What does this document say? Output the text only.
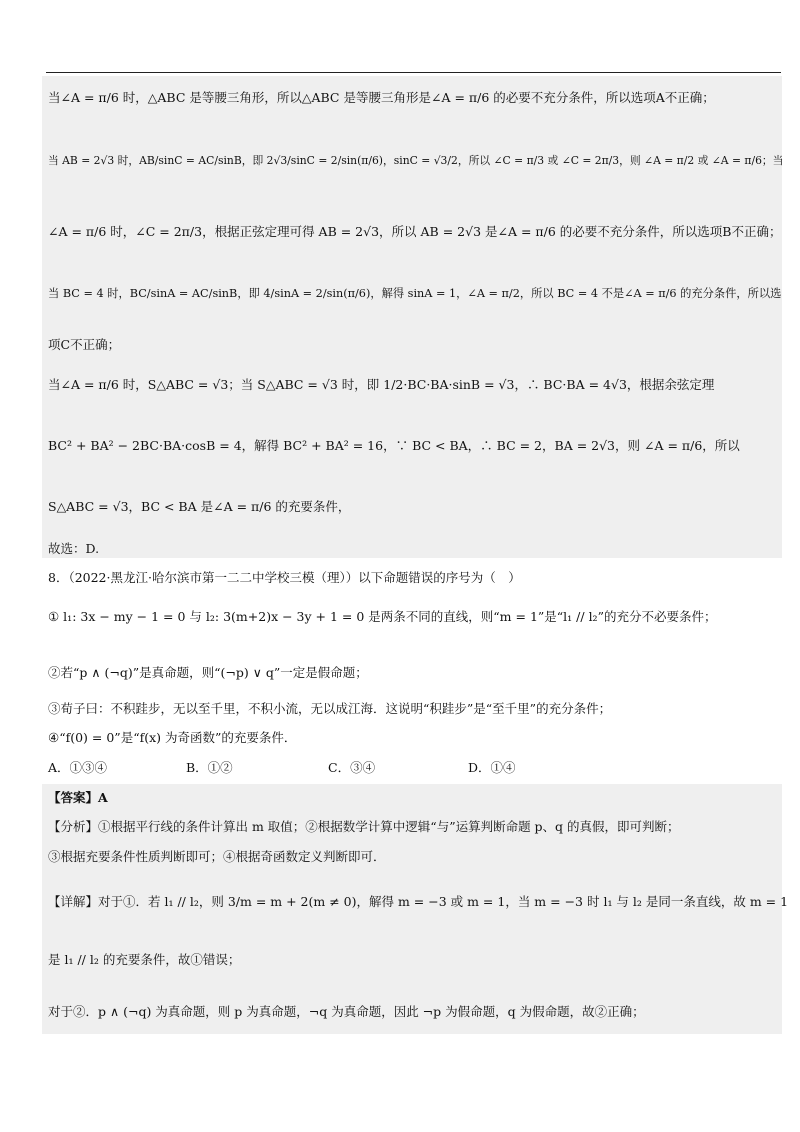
当∠A = π/6 时，△ABC 是等腰三角形，所以△ABC 是等腰三角形是∠A = π/6 的必要不充分条件，所以选项A不正确；
当 AB = 2√3 时，AB/sinC = AC/sinB，即 2√3/sinC = 2/sin(π/6)，sinC = √3/2，所以 ∠C = π/3 或 ∠C = 2π/3，则 ∠A = π/2 或 ∠A = π/6；当
∠A = π/6 时，∠C = 2π/3，根据正弦定理可得 AB = 2√3，所以 AB = 2√3 是∠A = π/6 的必要不充分条件，所以选项B不正确；
当 BC = 4 时，BC/sinA = AC/sinB，即 4/sinA = 2/sin(π/6)，解得 sinA = 1，∠A = π/2，所以 BC = 4 不是∠A = π/6 的充分条件，所以选
项C不正确；
当∠A = π/6 时，S△ABC = √3；当 S△ABC = √3 时，即 1/2·BC·BA·sinB = √3，∴ BC·BA = 4√3，根据余弦定理
BC² + BA² − 2BC·BA·cosB = 4，解得 BC² + BA² = 16，∵ BC < BA，∴ BC = 2，BA = 2√3，则 ∠A = π/6，所以
S△ABC = √3，BC < BA 是∠A = π/6 的充要条件，
故选：D.
8．（2022·黑龙江·哈尔滨市第一二二中学校三模（理））以下命题错误的序号为（　）
① l₁: 3x − my − 1 = 0 与 l₂: 3(m+2)x − 3y + 1 = 0 是两条不同的直线，则“m = 1”是“l₁ // l₂”的充分不必要条件；
②若“p ∧ (¬q)”是真命题，则“(¬p) ∨ q”一定是假命题；
③荀子曰：不积跬步，无以至千里，不积小流，无以成江海．这说明“积跬步”是“至千里”的充分条件；
④“f(0) = 0”是“f(x) 为奇函数”的充要条件．
A．①③④	B．①②	C．③④	D．①④
【答案】A
【分析】①根据平行线的条件计算出 m 取值；②根据数学计算中逻辑“与”运算判断命题 p、q 的真假，即可判断；
③根据充要条件性质判断即可；④根据奇函数定义判断即可．
【详解】对于①．若 l₁ // l₂，则 3/m = m + 2(m ≠ 0)，解得 m = −3 或 m = 1，当 m = −3 时 l₁ 与 l₂ 是同一条直线，故 m = 1
是 l₁ // l₂ 的充要条件，故①错误；
对于②．p ∧ (¬q) 为真命题，则 p 为真命题，¬q 为真命题，因此 ¬p 为假命题，q 为假命题，故②正确；
